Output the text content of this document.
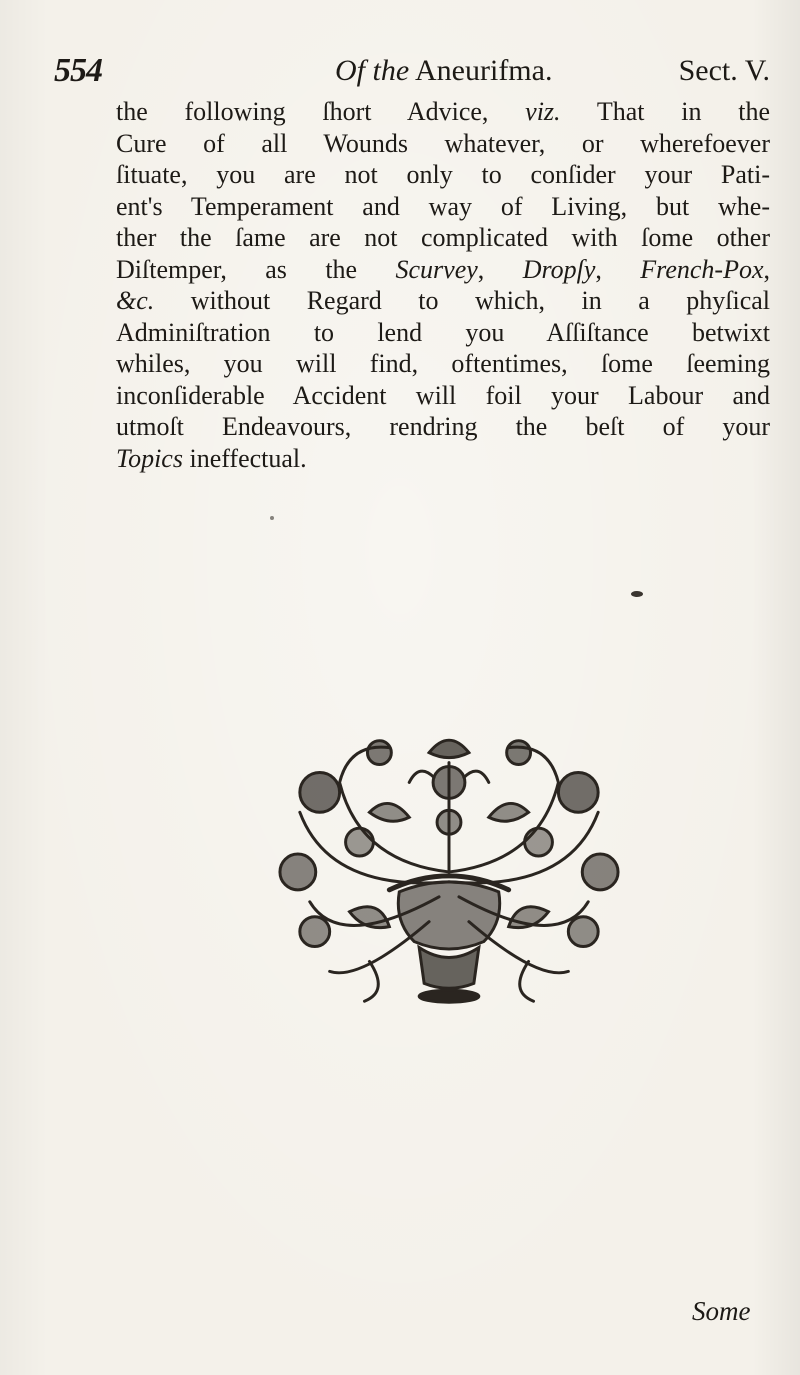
554	Of the Aneurifma.	Sect. V.
the following ſhort Advice, viz. That in the
Cure of all Wounds whatever, or wherefoever
ſituate, you are not only to conſider your Pati-
ent's Temperament and way of Living, but whe-
ther the ſame are not complicated with ſome other
Diſtemper, as the Scurvey, Dropſy, French-Pox,
&c. without Regard to which, in a phyſical
Adminiſtration to lend you Aſſiſtance betwixt
whiles, you will find, oftentimes, ſome ſeeming
inconſiderable Accident will foil your Labour and
utmoſt Endeavours, rendring the beſt of your
Topics ineffectual.
Some
